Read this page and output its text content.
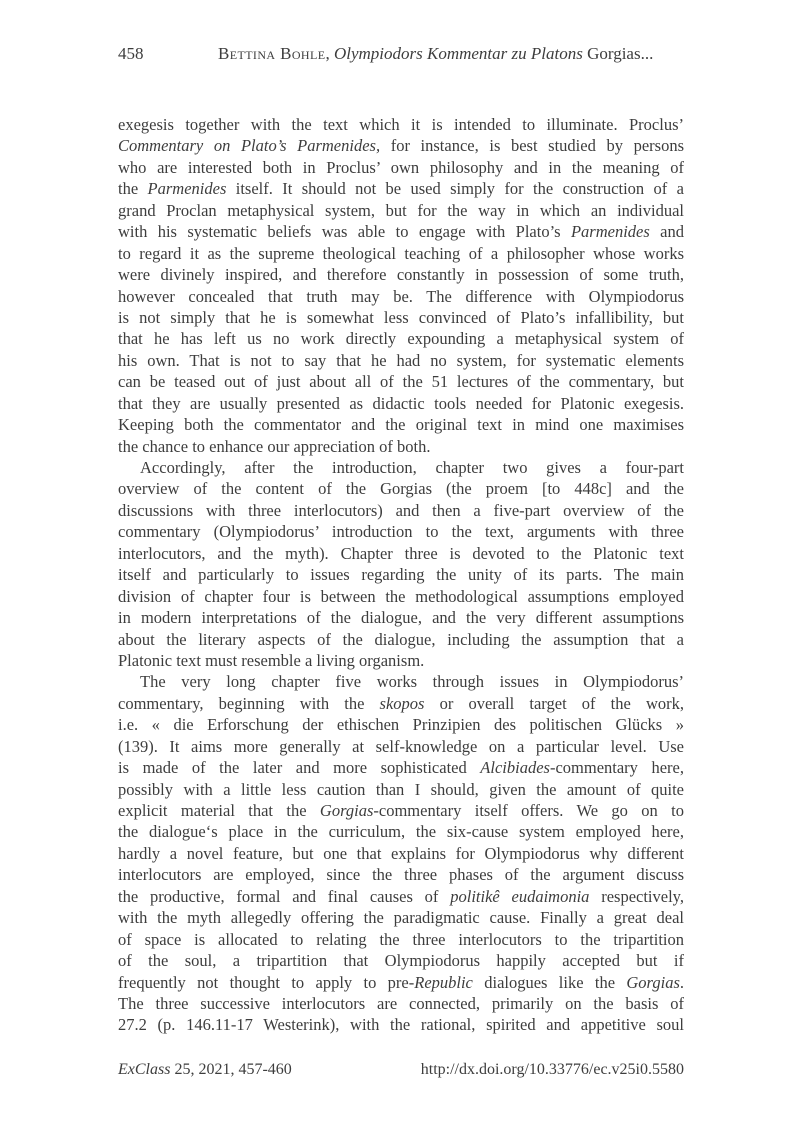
458	Bettina Bohle, Olympiodors Kommentar zu Platons Gorgias...
exegesis together with the text which it is intended to illuminate. Proclus’
Commentary on Plato’s Parmenides, for instance, is best studied by persons
who are interested both in Proclus’ own philosophy and in the meaning of
the Parmenides itself. It should not be used simply for the construction of a
grand Proclan metaphysical system, but for the way in which an individual
with his systematic beliefs was able to engage with Plato’s Parmenides and
to regard it as the supreme theological teaching of a philosopher whose works
were divinely inspired, and therefore constantly in possession of some truth,
however concealed that truth may be. The difference with Olympiodorus
is not simply that he is somewhat less convinced of Plato’s infallibility, but
that he has left us no work directly expounding a metaphysical system of
his own. That is not to say that he had no system, for systematic elements
can be teased out of just about all of the 51 lectures of the commentary, but
that they are usually presented as didactic tools needed for Platonic exegesis.
Keeping both the commentator and the original text in mind one maximises
the chance to enhance our appreciation of both.
Accordingly, after the introduction, chapter two gives a four-part
overview of the content of the Gorgias (the proem [to 448c] and the
discussions with three interlocutors) and then a five-part overview of the
commentary (Olympiodorus’ introduction to the text, arguments with three
interlocutors, and the myth). Chapter three is devoted to the Platonic text
itself and particularly to issues regarding the unity of its parts. The main
division of chapter four is between the methodological assumptions employed
in modern interpretations of the dialogue, and the very different assumptions
about the literary aspects of the dialogue, including the assumption that a
Platonic text must resemble a living organism.
The very long chapter five works through issues in Olympiodorus’
commentary, beginning with the skopos or overall target of the work,
i.e. « die Erforschung der ethischen Prinzipien des politischen Glücks »
(139). It aims more generally at self-knowledge on a particular level. Use
is made of the later and more sophisticated Alcibiades-commentary here,
possibly with a little less caution than I should, given the amount of quite
explicit material that the Gorgias-commentary itself offers. We go on to
the dialogue‘s place in the curriculum, the six-cause system employed here,
hardly a novel feature, but one that explains for Olympiodorus why different
interlocutors are employed, since the three phases of the argument discuss
the productive, formal and final causes of politikê eudaimonia respectively,
with the myth allegedly offering the paradigmatic cause. Finally a great deal
of space is allocated to relating the three interlocutors to the tripartition
of the soul, a tripartition that Olympiodorus happily accepted but if
frequently not thought to apply to pre-Republic dialogues like the Gorgias.
The three successive interlocutors are connected, primarily on the basis of
27.2 (p. 146.11-17 Westerink), with the rational, spirited and appetitive soul
ExClass 25, 2021, 457-460	http://dx.doi.org/10.33776/ec.v25i0.5580
